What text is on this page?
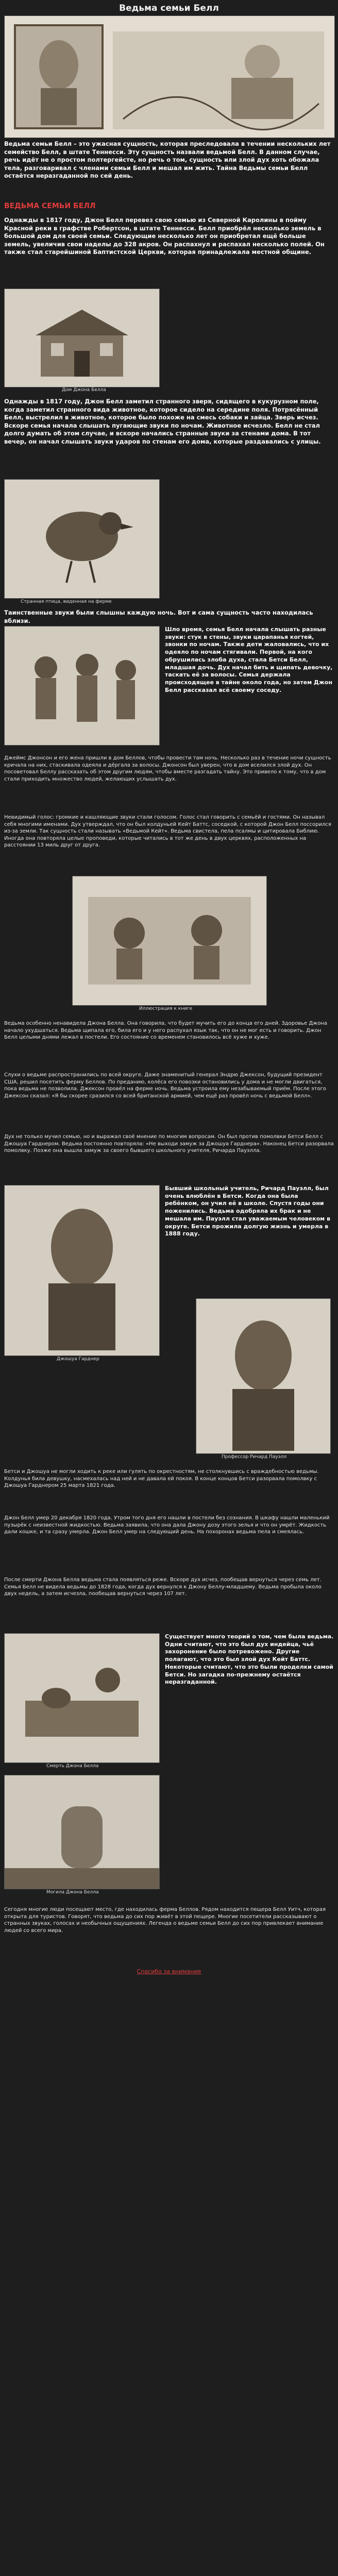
Ведьма семьи Белл

Ведьма семьи Белл – это ужасная сущность, которая преследовала в течении нескольких лет семейство Белл, в штате Теннесси. Эту сущность назвали ведьмой Белл. В данном случае, речь идёт не о простом полтергейсте, но речь о том, сущность или злой дух хоть обожала тела, разговаривал с членами семьи Белл и мешал им жить. Тайна Ведьмы семьи Белл остаётся неразгаданной по сей день.

ВЕДЬМА СЕМЬИ БЕЛЛ

Однажды в 1817 году, Джон Белл перевез свою семью из Северной Каролины в пойму Красной реки в графстве Робертсон, в штате Теннесси. Белл приобрёл несколько земель в большой дом для своей семьи. Следующие несколько лет он приобретал ещё больше земель, увеличив свои наделы до 328 акров. Он распахнул и распахал несколько полей. Он также стал старейшиной Баптистской Церкви, которая принадлежала местной общине.

Дом Джона Белла

Однажды в 1817 году, Джон Белл заметил странного зверя, сидящего в кукурузном поле, когда заметил странного вида животное, которое сидело на середине поля. Потрясённый Белл, выстрелил в животное, которое было похоже на смесь собаки и зайца. Зверь исчез. Вскоре семья начала слышать пугающие звуки по ночам. Животное исчезло. Белл не стал долго думать об этом случае, и вскоре начались странные звуки за стенами дома. В тот вечер, он начал слышать звуки ударов по стенам его дома, которые раздавались с улицы.

Странная птица, виденная на ферме

Таинственные звуки были слышны каждую ночь. Вот и сама сущность часто находилась вблизи.

Шло время, семья Белл начала слышать разные звуки: стук в стены, звуки царапанья когтей, звонки по ночам. Также дети жаловались, что их одеяло по ночам стягивали. Первой, на кого обрушилась злоба духа, стала Бетси Белл, младшая дочь. Дух начал бить и щипать девочку, таскать её за волосы. Семья держала происходящее в тайне около года, но затем Джон Белл рассказал всё своему соседу.

Джеймс Джонсон и его жена пришли в дом Беллов, чтобы провести там ночь. Несколько раз в течение ночи сущность кричала на них, стаскивала одеяла и дёргала за волосы. Джонсон был уверен, что в дом вселился злой дух. Он посоветовал Беллу рассказать об этом другим людям, чтобы вместе разгадать тайну. Это привело к тому, что в дом стали приходить множество людей, желающих услышать дух.

Невидимый голос: громкие и кашляющие звуки стали голосом. Голос стал говорить с семьёй и гостями. Он называл себя многими именами. Дух утверждал, что он был колдуньей Кейт Баттс, соседкой, с которой Джон Белл поссорился из-за земли. Так сущность стали называть «Ведьмой Кейт». Ведьма свистела, пела псалмы и цитировала Библию. Иногда она повторяла целые проповеди, которые читались в тот же день в двух церквях, расположенных на расстоянии 13 миль друг от друга.

Иллюстрация к книге

Ведьма особенно ненавидела Джона Белла. Она говорила, что будет мучить его до конца его дней. Здоровье Джона начало ухудшаться. Ведьма щипала его, била его и у него распухал язык так, что он не мог есть и говорить. Джон Белл целыми днями лежал в постели. Его состояние со временем становилось всё хуже и хуже.

Слухи о ведьме распространились по всей округе. Даже знаменитый генерал Эндрю Джексон, будущий президент США, решил посетить ферму Беллов. По преданию, колёса его повозки остановились у дома и не могли двигаться, пока ведьма не позволила. Джексон провёл на ферме ночь. Ведьма устроила ему незабываемый приём. После этого Джексон сказал: «Я бы скорее сразился со всей британской армией, чем ещё раз провёл ночь с ведьмой Белл».

Дух не только мучил семью, но и выражал своё мнение по многим вопросам. Он был против помолвки Бетси Белл с Джошуа Гарднером. Ведьма постоянно повторяла: «Не выходи замуж за Джошуа Гарднера». Наконец Бетси разорвала помолвку. Позже она вышла замуж за своего бывшего школьного учителя, Ричарда Пауэлла.

Джошуа Гарднер

Бывший школьный учитель, Ричард Пауэлл, был очень влюблён в Бетси. Когда она была ребёнком, он учил её в школе. Спустя годы они поженились. Ведьма одобряла их брак и не мешала им. Пауэлл стал уважаемым человеком в округе. Бетси прожила долгую жизнь и умерла в 1888 году.

Профессор Ричард Пауэлл

Бетси и Джошуа не могли ходить к реке или гулять по окрестностям, не столкнувшись с враждебностью ведьмы. Колдунья била девушку, насмехалась над ней и не давала ей покоя. В конце концов Бетси разорвала помолвку с Джошуа Гарднером 25 марта 1821 года.

Джон Белл умер 20 декабря 1820 года. Утром того дня его нашли в постели без сознания. В шкафу нашли маленький пузырёк с неизвестной жидкостью. Ведьма заявила, что она дала Джону дозу этого зелья и что он умрёт. Жидкость дали кошке, и та сразу умерла. Джон Белл умер на следующий день. На похоронах ведьма пела и смеялась.

После смерти Джона Белла ведьма стала появляться реже. Вскоре дух исчез, пообещав вернуться через семь лет. Семья Белл не видела ведьмы до 1828 года, когда дух вернулся к Джону Беллу-младшему. Ведьма пробыла около двух недель, а затем исчезла, пообещав вернуться через 107 лет.

Смерть Джона Белла

Существует много теорий о том, чем была ведьма. Одни считают, что это был дух индейца, чьё захоронение было потревожено. Другие полагают, что это был злой дух Кейт Баттс. Некоторые считают, что это были проделки самой Бетси. Но загадка по-прежнему остаётся неразгаданной.

Могила Джона Белла

Сегодня многие люди посещают место, где находилась ферма Беллов. Рядом находится пещера Белл Уитч, которая открыта для туристов. Говорят, что ведьма до сих пор живёт в этой пещере. Многие посетители рассказывают о странных звуках, голосах и необычных ощущениях. Легенда о ведьме семьи Белл до сих пор привлекает внимание людей со всего мира.

Спасибо за внимание
